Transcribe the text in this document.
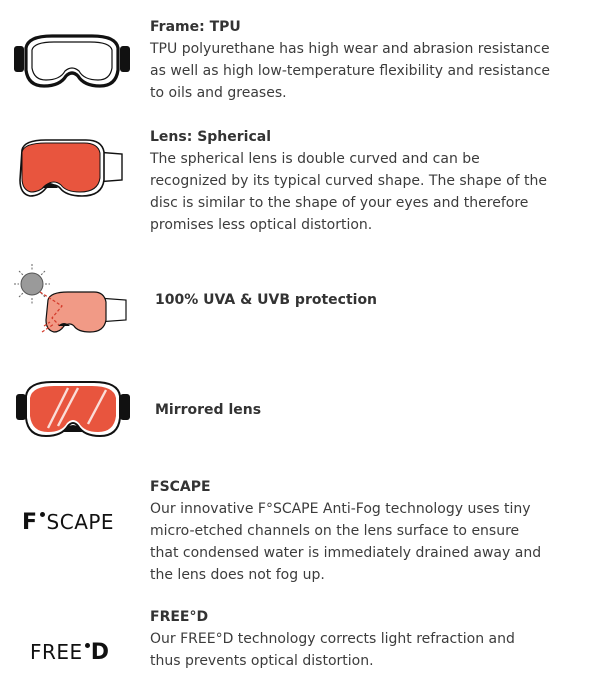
Frame: TPU

TPU polyurethane has high wear and abrasion resistance

as well as high low-temperature flexibility and resistance

to oils and greases.

Lens: Spherical

The spherical lens is double curved and can be

recognized by its typical curved shape. The shape of the

disc is similar to the shape of your eyes and therefore

promises less optical distortion.

100% UVA & UVB protection
Mirrored lens
F SCAPE

FSCAPE

Our innovative F°SCAPE Anti-Fog technology uses tiny

micro-etched channels on the lens surface to ensure

that condensed water is immediately drained away and

the lens does not fog up.

FREE D

FREE°D

Our FREE°D technology corrects light refraction and

thus prevents optical distortion.
